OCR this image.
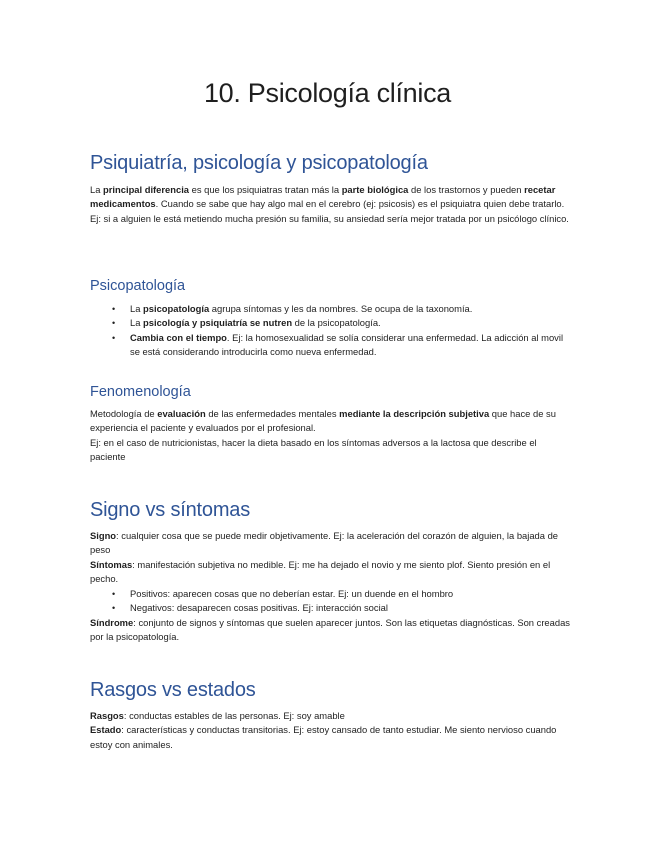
10. Psicología clínica
Psiquiatría, psicología y psicopatología

La principal diferencia es que los psiquiatras tratan más la parte biológica de los trastornos y pueden recetar medicamentos. Cuando se sabe que hay algo mal en el cerebro (ej: psicosis) es el psiquiatra quien debe tratarlo.

Ej: si a alguien le está metiendo mucha presión su familia, su ansiedad sería mejor tratada por un psicólogo clínico.

Psicopatología
• La psicopatología agrupa síntomas y les da nombres. Se ocupa de la taxonomía.
• La psicología y psiquiatría se nutren de la psicopatología.
• Cambia con el tiempo. Ej: la homosexualidad se solía considerar una enfermedad. La adicción al movil se está considerando introducirla como nueva enfermedad.
Fenomenología

Metodología de evaluación de las enfermedades mentales mediante la descripción subjetiva que hace de su experiencia el paciente y evaluados por el profesional.

Ej: en el caso de nutricionistas, hacer la dieta basado en los síntomas adversos a la lactosa que describe el paciente

Signo vs síntomas

Signo: cualquier cosa que se puede medir objetivamente. Ej: la aceleración del corazón de alguien, la bajada de peso

Síntomas: manifestación subjetiva no medible. Ej: me ha dejado el novio y me siento plof. Siento presión en el pecho.

• Positivos: aparecen cosas que no deberían estar. Ej: un duende en el hombro
• Negativos: desaparecen cosas positivas. Ej: interacción social

Síndrome: conjunto de signos y síntomas que suelen aparecer juntos. Son las etiquetas diagnósticas. Son creadas por la psicopatología.

Rasgos vs estados

Rasgos: conductas estables de las personas. Ej: soy amable

Estado: características y conductas transitorias. Ej: estoy cansado de tanto estudiar. Me siento nervioso cuando estoy con animales.
